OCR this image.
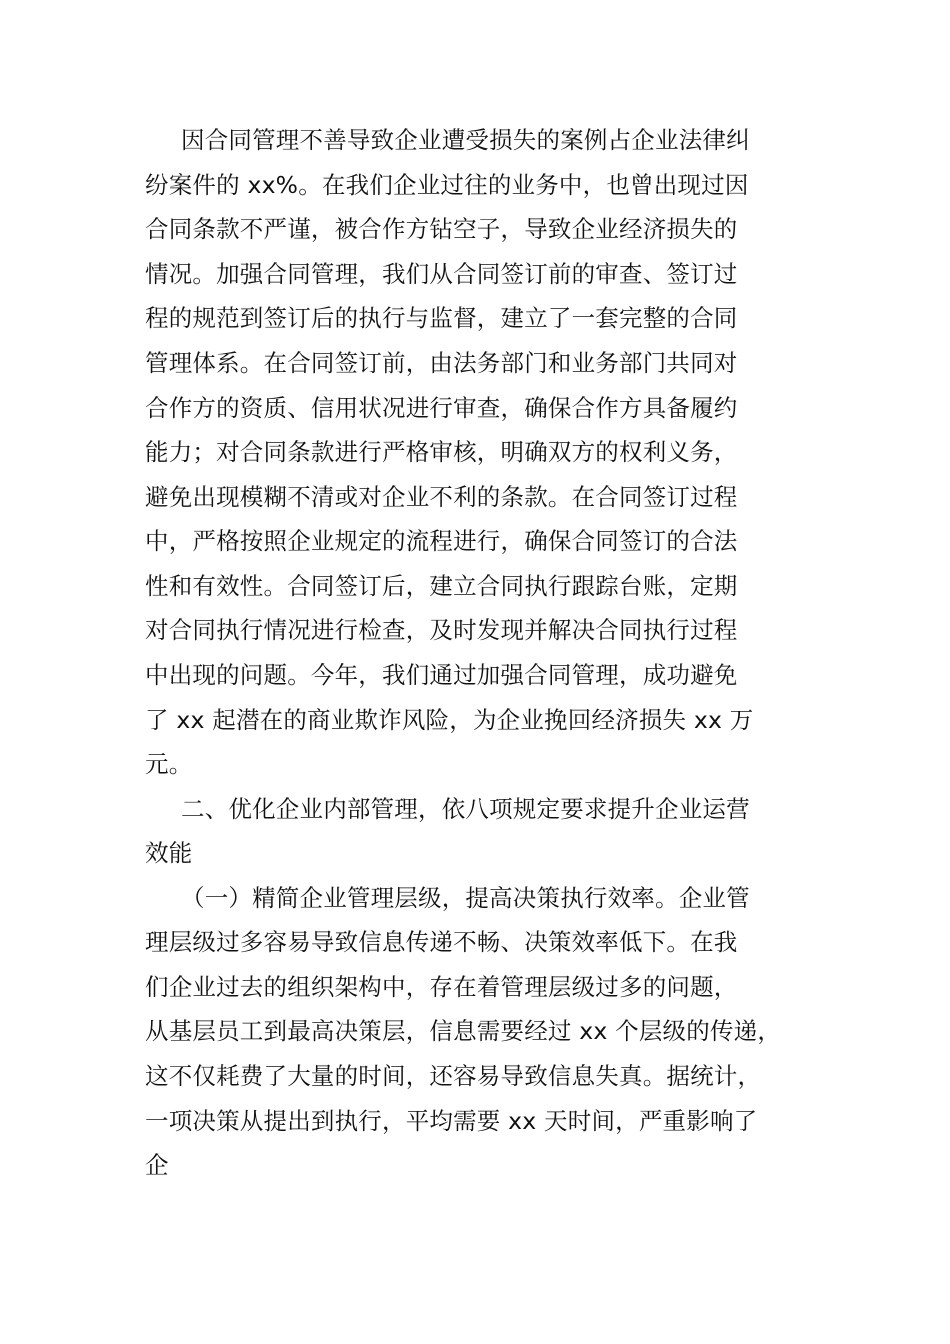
因合同管理不善导致企业遭受损失的案例占企业法律纠
纷案件的 xx%。在我们企业过往的业务中，也曾出现过因
合同条款不严谨，被合作方钻空子，导致企业经济损失的
情况。加强合同管理，我们从合同签订前的审查、签订过
程的规范到签订后的执行与监督，建立了一套完整的合同
管理体系。在合同签订前，由法务部门和业务部门共同对
合作方的资质、信用状况进行审查，确保合作方具备履约
能力；对合同条款进行严格审核，明确双方的权利义务，
避免出现模糊不清或对企业不利的条款。在合同签订过程
中，严格按照企业规定的流程进行，确保合同签订的合法
性和有效性。合同签订后，建立合同执行跟踪台账，定期
对合同执行情况进行检查，及时发现并解决合同执行过程
中出现的问题。今年，我们通过加强合同管理，成功避免
了 xx 起潜在的商业欺诈风险，为企业挽回经济损失 xx 万
元。
二、优化企业内部管理，依八项规定要求提升企业运营
效能
（一）精简企业管理层级，提高决策执行效率。企业管
理层级过多容易导致信息传递不畅、决策效率低下。在我
们企业过去的组织架构中，存在着管理层级过多的问题，
从基层员工到最高决策层，信息需要经过 xx 个层级的传递，
这不仅耗费了大量的时间，还容易导致信息失真。据统计，
一项决策从提出到执行，平均需要 xx 天时间，严重影响了
企
